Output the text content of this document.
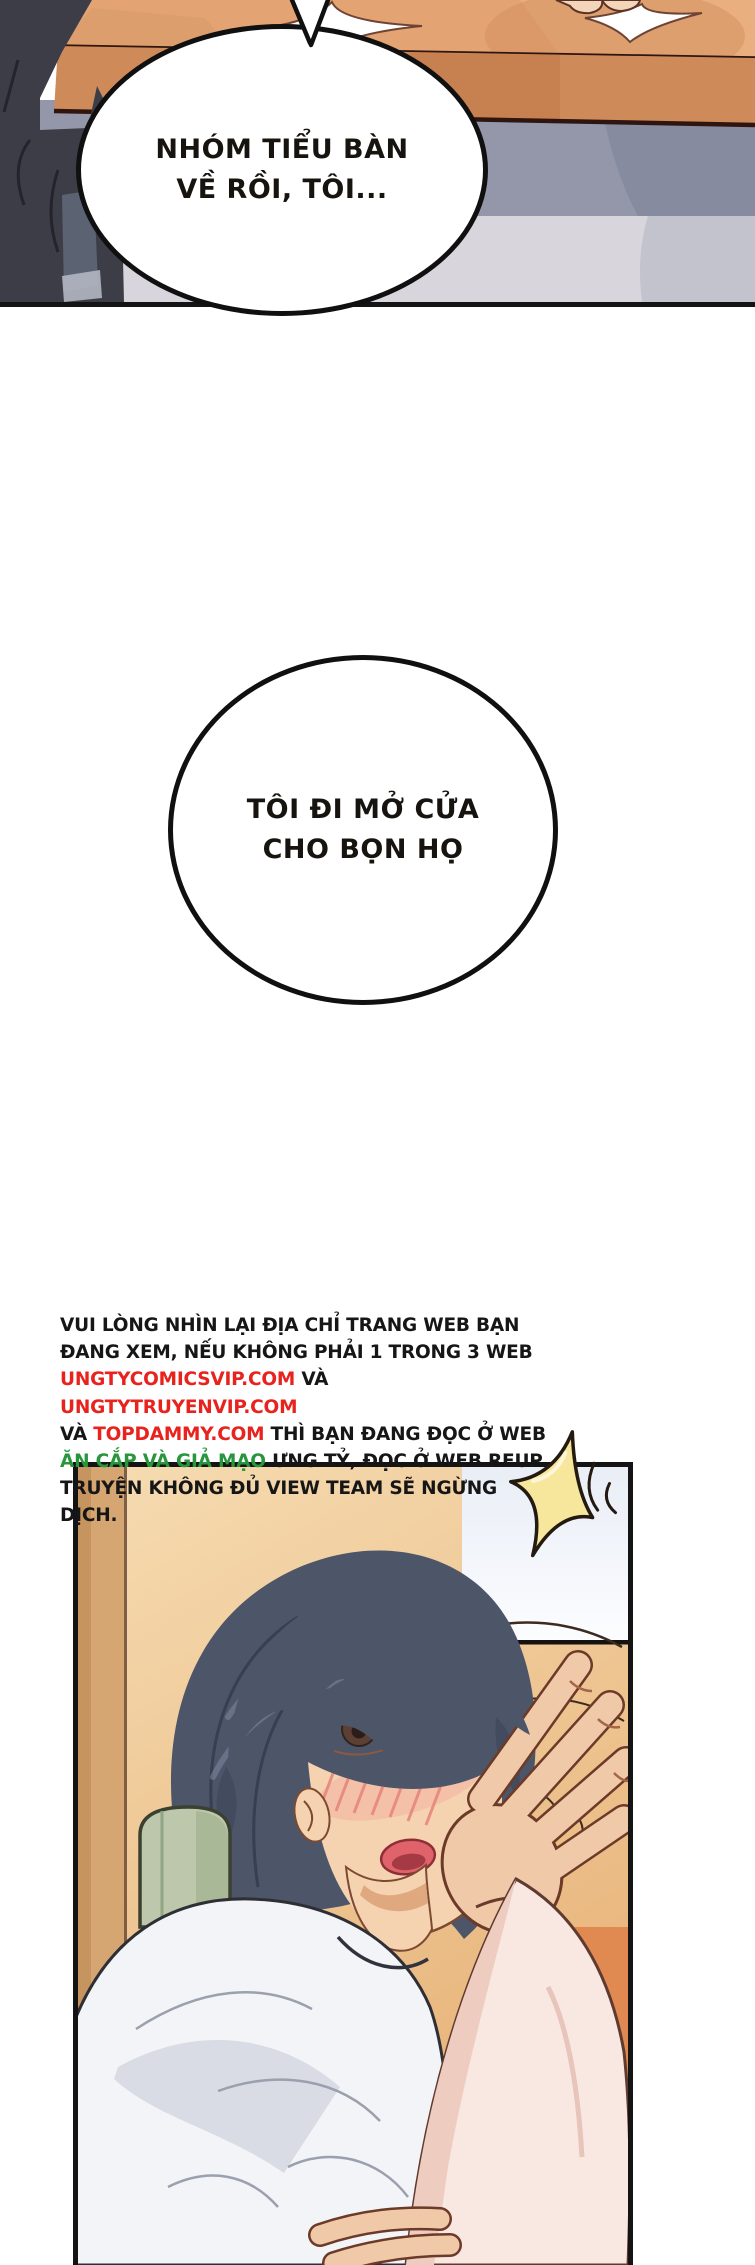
NHÓM TIỂU BÀN
VỀ RỒI, TÔI...
TÔI ĐI MỞ CỬA
CHO BỌN HỌ

VUI LÒNG NHÌN LẠI ĐỊA CHỈ TRANG WEB BẠN

ĐANG XEM, NẾU KHÔNG PHẢI 1 TRONG 3 WEB

UNGTYCOMICSVIP.COM VÀ UNGTYTRUYENVIP.COM

VÀ TOPDAMMY.COM THÌ BẠN ĐANG ĐỌC Ở WEB

ĂN CẮP VÀ GIẢ MẠO ƯNG TỶ, ĐỌC Ở WEB REUP

TRUYỆN KHÔNG ĐỦ VIEW TEAM SẼ NGỪNG DỊCH.
